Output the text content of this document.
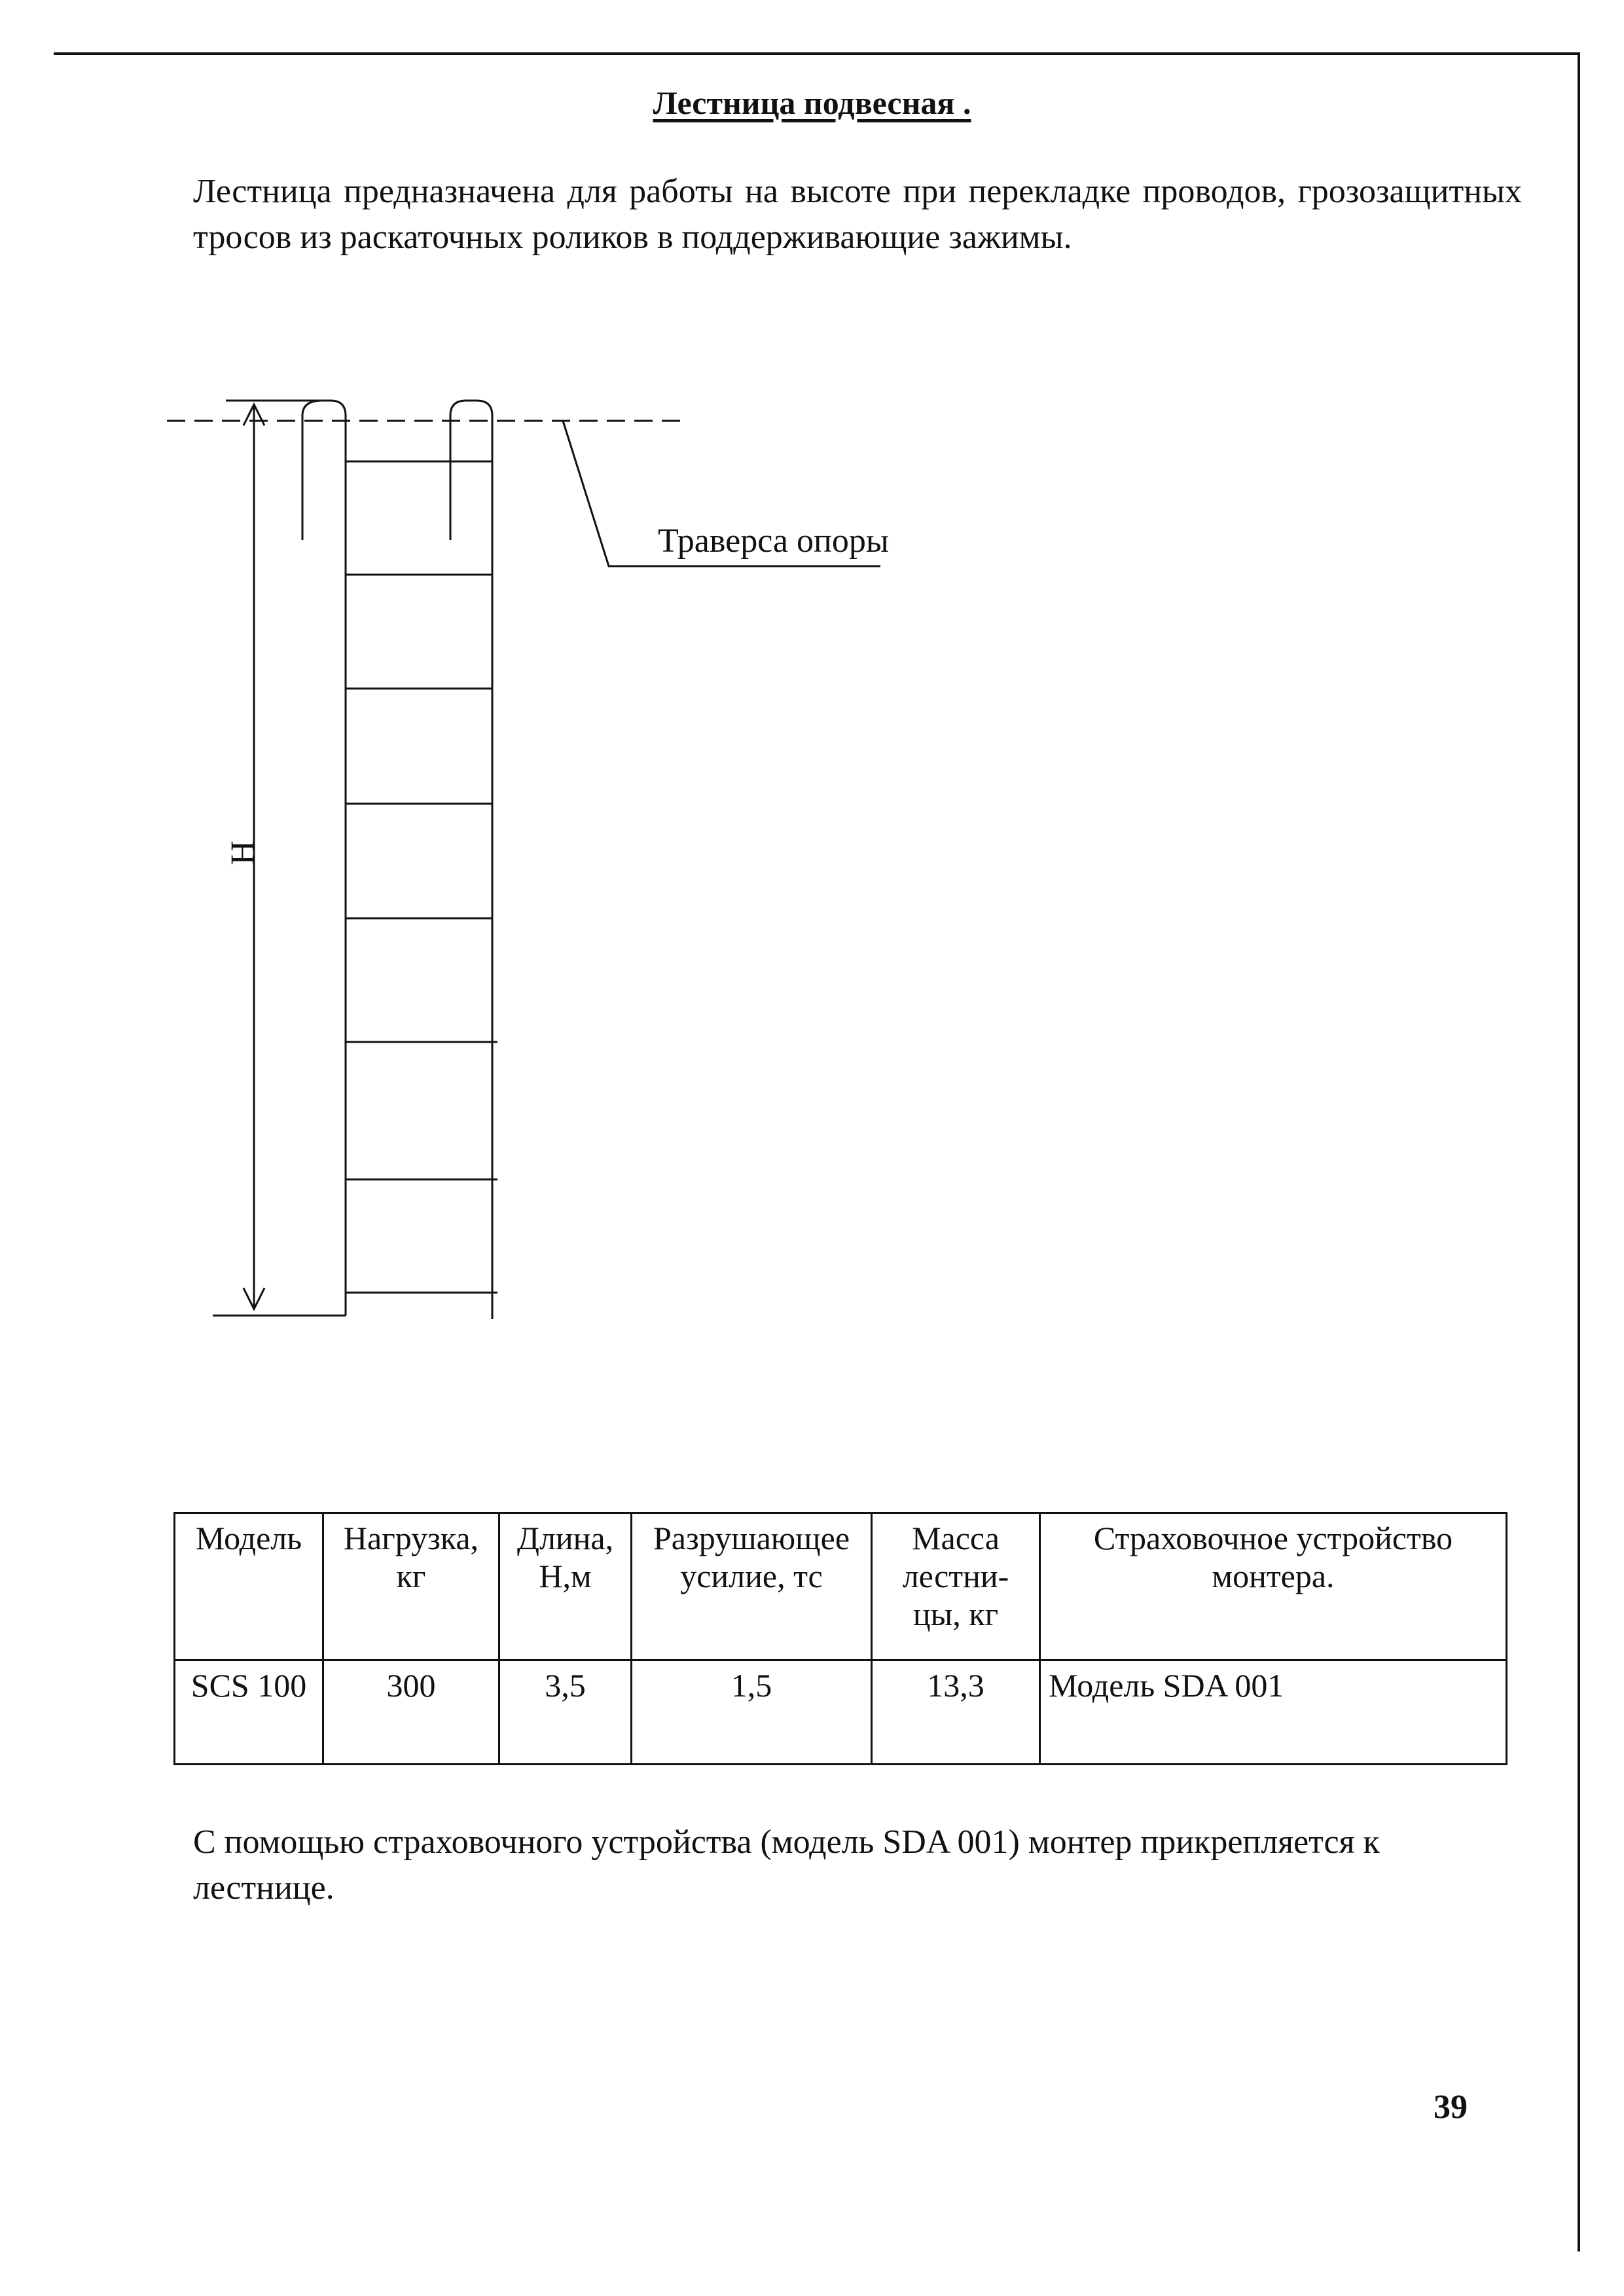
Лестница подвесная .
Лестница предназначена для работы на высоте при перекладке проводов, грозозащитных тросов из раскаточных роликов в поддерживающие зажимы.
Траверса опоры
H
Модель	Нагрузка, кг	Длина, Н,м	Разрушающее усилие, тс	Масса лестни-цы, кг	Страховочное устройство монтера.
SCS 100	300	3,5	1,5	13,3	Модель SDA 001
С помощью страховочного устройства (модель SDA 001) монтер прикрепляется к лестнице.
39
